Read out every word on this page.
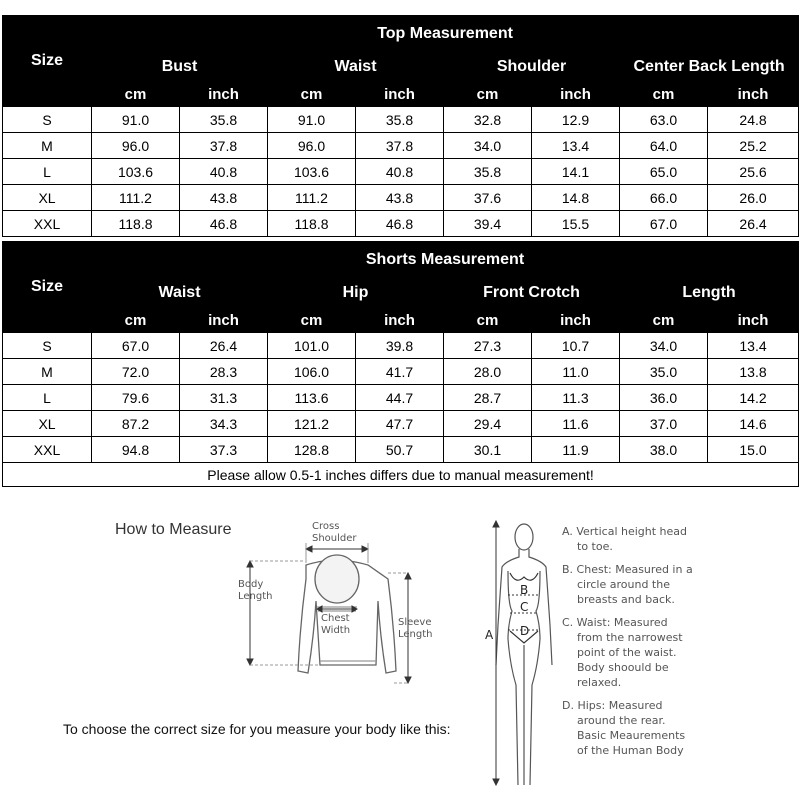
Size	Top Measurement							
	Bust		Waist		Shoulder		Center Back Length	
	cm	inch	cm	inch	cm	inch	cm	inch
S	91.0	35.8	91.0	35.8	32.8	12.9	63.0	24.8
M	96.0	37.8	96.0	37.8	34.0	13.4	64.0	25.2
L	103.6	40.8	103.6	40.8	35.8	14.1	65.0	25.6
XL	111.2	43.8	111.2	43.8	37.6	14.8	66.0	26.0
XXL	118.8	46.8	118.8	46.8	39.4	15.5	67.0	26.4
Size	Shorts Measurement							
	Waist		Hip		Front Crotch		Length	
	cm	inch	cm	inch	cm	inch	cm	inch
S	67.0	26.4	101.0	39.8	27.3	10.7	34.0	13.4
M	72.0	28.3	106.0	41.7	28.0	11.0	35.0	13.8
L	79.6	31.3	113.6	44.7	28.7	11.3	36.0	14.2
XL	87.2	34.3	121.2	47.7	29.4	11.6	37.0	14.6
XXL	94.8	37.3	128.8	50.7	30.1	11.9	38.0	15.0
Please allow 0.5-1 inches differs due to manual measurement!								
How to Measure	Cross
Shoulder
Body
Length
Chest
Width
Sleeve
Length	A
B
C
D
A. Vertical height head
to toe.
B. Chest: Measured in a
circle around the
breasts and back.
C. Waist: Measured
from the narrowest
point of the waist.
Body shoould be
relaxed.
D. Hips: Measured
around the rear.
Basic Meaurements
of the Human Body
To choose the correct size for you measure your body like this:
